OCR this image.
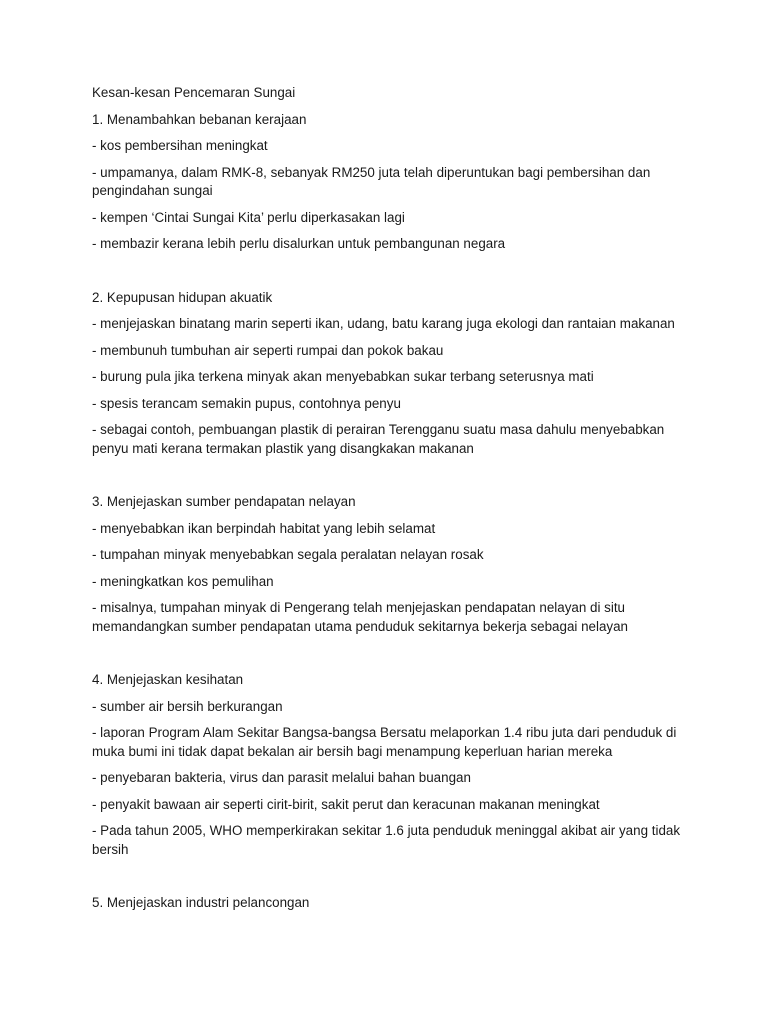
Kesan-kesan Pencemaran Sungai

1. Menambahkan bebanan kerajaan

- kos pembersihan meningkat

- umpamanya, dalam RMK-8, sebanyak RM250 juta telah diperuntukan bagi pembersihan dan pengindahan sungai

- kempen ‘Cintai Sungai Kita’ perlu diperkasakan lagi

- membazir kerana lebih perlu disalurkan untuk pembangunan negara

2. Kepupusan hidupan akuatik

- menjejaskan binatang marin seperti ikan, udang, batu karang juga ekologi dan rantaian makanan

- membunuh tumbuhan air seperti rumpai dan pokok bakau

- burung pula jika terkena minyak akan menyebabkan sukar terbang seterusnya mati

- spesis terancam semakin pupus, contohnya penyu

- sebagai contoh, pembuangan plastik di perairan Terengganu suatu masa dahulu menyebabkan penyu mati kerana termakan plastik yang disangkakan makanan

3. Menjejaskan sumber pendapatan nelayan

- menyebabkan ikan berpindah habitat yang lebih selamat

- tumpahan minyak menyebabkan segala peralatan nelayan rosak

- meningkatkan kos pemulihan

- misalnya, tumpahan minyak di Pengerang telah menjejaskan pendapatan nelayan di situ memandangkan sumber pendapatan utama penduduk sekitarnya bekerja sebagai nelayan

4. Menjejaskan kesihatan

- sumber air bersih berkurangan

- laporan Program Alam Sekitar Bangsa-bangsa Bersatu melaporkan 1.4 ribu juta dari penduduk di muka bumi ini tidak dapat bekalan air bersih bagi menampung keperluan harian mereka

- penyebaran bakteria, virus dan parasit melalui bahan buangan

- penyakit bawaan air seperti cirit-birit, sakit perut dan keracunan makanan meningkat

- Pada tahun 2005, WHO memperkirakan sekitar 1.6 juta penduduk meninggal akibat air yang tidak bersih

5. Menjejaskan industri pelancongan
